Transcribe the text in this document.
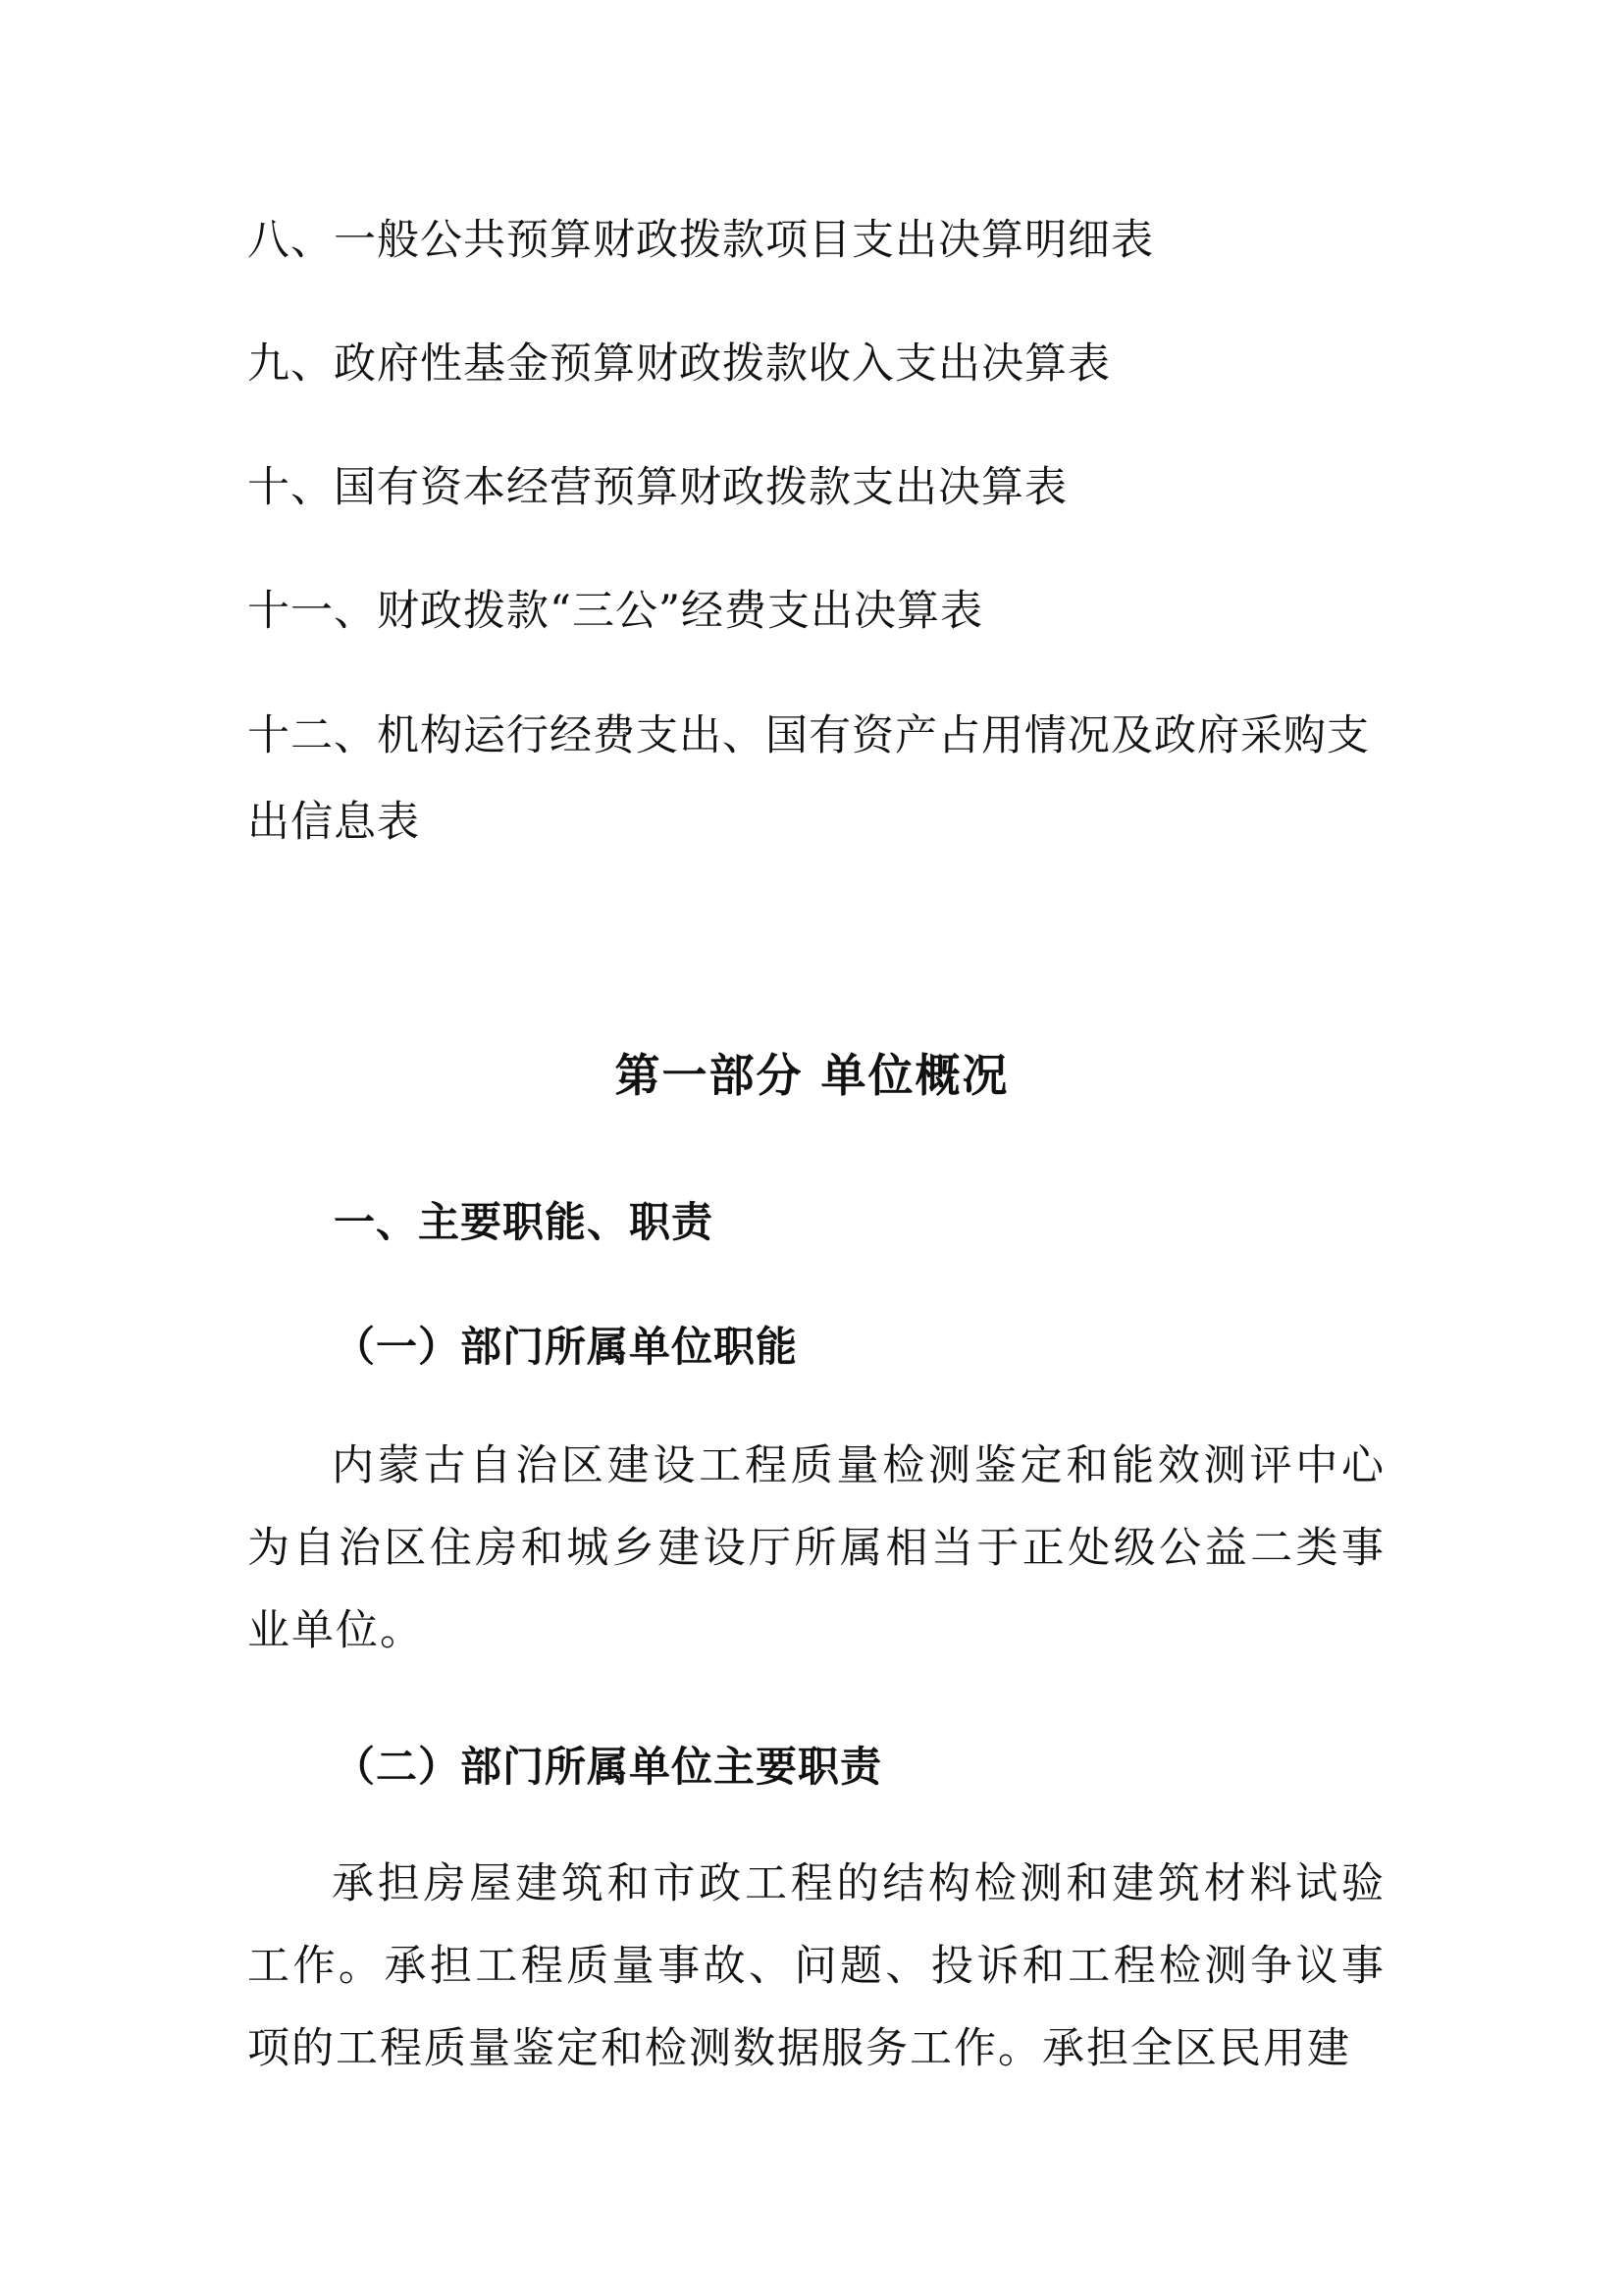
八、一般公共预算财政拨款项目支出决算明细表

九、政府性基金预算财政拨款收入支出决算表

十、国有资本经营预算财政拨款支出决算表

十一、财政拨款“三公”经费支出决算表

十二、机构运行经费支出、国有资产占用情况及政府采购支出信息表

第一部分 单位概况
一、主要职能、职责
（一）部门所属单位职能

内蒙古自治区建设工程质量检测鉴定和能效测评中心为自治区住房和城乡建设厅所属相当于正处级公益二类事业单位。

（二）部门所属单位主要职责

承担房屋建筑和市政工程的结构检测和建筑材料试验工作。承担工程质量事故、问题、投诉和工程检测争议事项的工程质量鉴定和检测数据服务工作。承担全区民用建
